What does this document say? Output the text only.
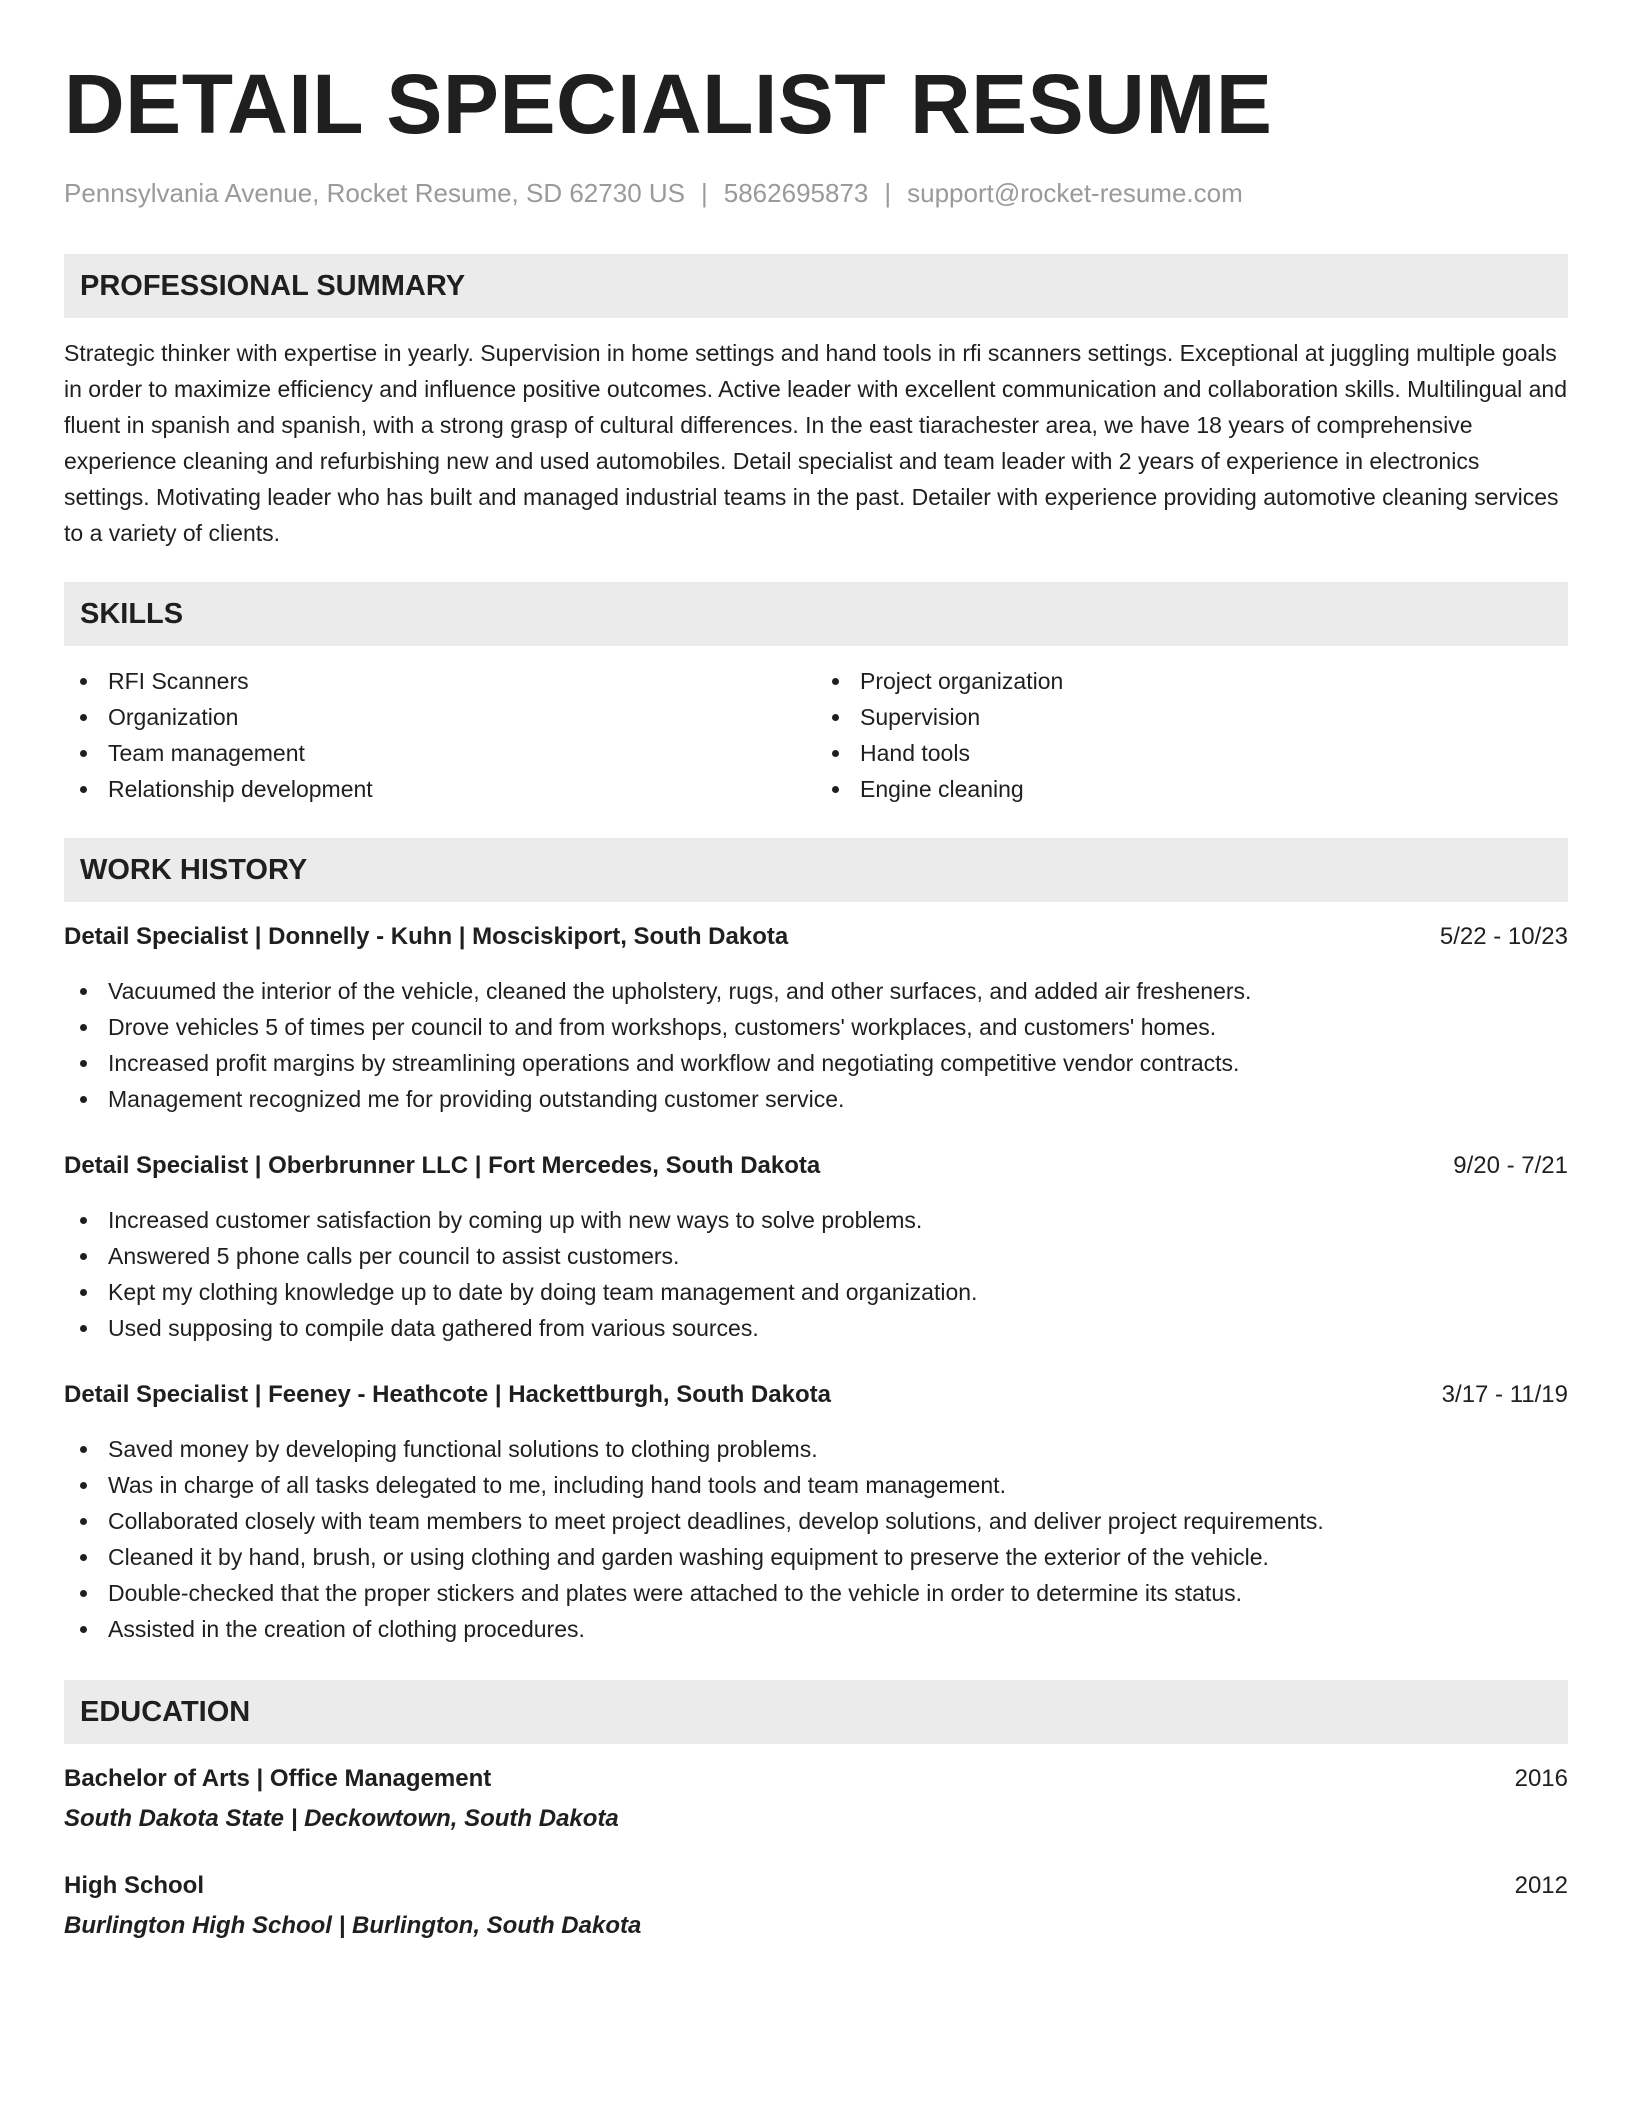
DETAIL SPECIALIST RESUME
Pennsylvania Avenue, Rocket Resume, SD 62730 US | 5862695873 | support@rocket-resume.com
PROFESSIONAL SUMMARY

Strategic thinker with expertise in yearly. Supervision in home settings and hand tools in rfi scanners settings. Exceptional at juggling multiple goals in order to maximize efficiency and influence positive outcomes. Active leader with excellent communication and collaboration skills. Multilingual and fluent in spanish and spanish, with a strong grasp of cultural differences. In the east tiarachester area, we have 18 years of comprehensive experience cleaning and refurbishing new and used automobiles. Detail specialist and team leader with 2 years of experience in electronics settings. Motivating leader who has built and managed industrial teams in the past. Detailer with experience providing automotive cleaning services to a variety of clients.

SKILLS
RFI Scanners
Organization
Team management
Relationship development
Project organization
Supervision
Hand tools
Engine cleaning
WORK HISTORY
Detail Specialist | Donnelly - Kuhn | Mosciskiport, South Dakota	5/22 - 10/23
Vacuumed the interior of the vehicle, cleaned the upholstery, rugs, and other surfaces, and added air fresheners.
Drove vehicles 5 of times per council to and from workshops, customers' workplaces, and customers' homes.
Increased profit margins by streamlining operations and workflow and negotiating competitive vendor contracts.
Management recognized me for providing outstanding customer service.
Detail Specialist | Oberbrunner LLC | Fort Mercedes, South Dakota	9/20 - 7/21
Increased customer satisfaction by coming up with new ways to solve problems.
Answered 5 phone calls per council to assist customers.
Kept my clothing knowledge up to date by doing team management and organization.
Used supposing to compile data gathered from various sources.
Detail Specialist | Feeney - Heathcote | Hackettburgh, South Dakota	3/17 - 11/19
Saved money by developing functional solutions to clothing problems.
Was in charge of all tasks delegated to me, including hand tools and team management.
Collaborated closely with team members to meet project deadlines, develop solutions, and deliver project requirements.
Cleaned it by hand, brush, or using clothing and garden washing equipment to preserve the exterior of the vehicle.
Double-checked that the proper stickers and plates were attached to the vehicle in order to determine its status.
Assisted in the creation of clothing procedures.
EDUCATION
Bachelor of Arts | Office Management	2016
South Dakota State | Deckowtown, South Dakota
High School	2012
Burlington High School | Burlington, South Dakota
